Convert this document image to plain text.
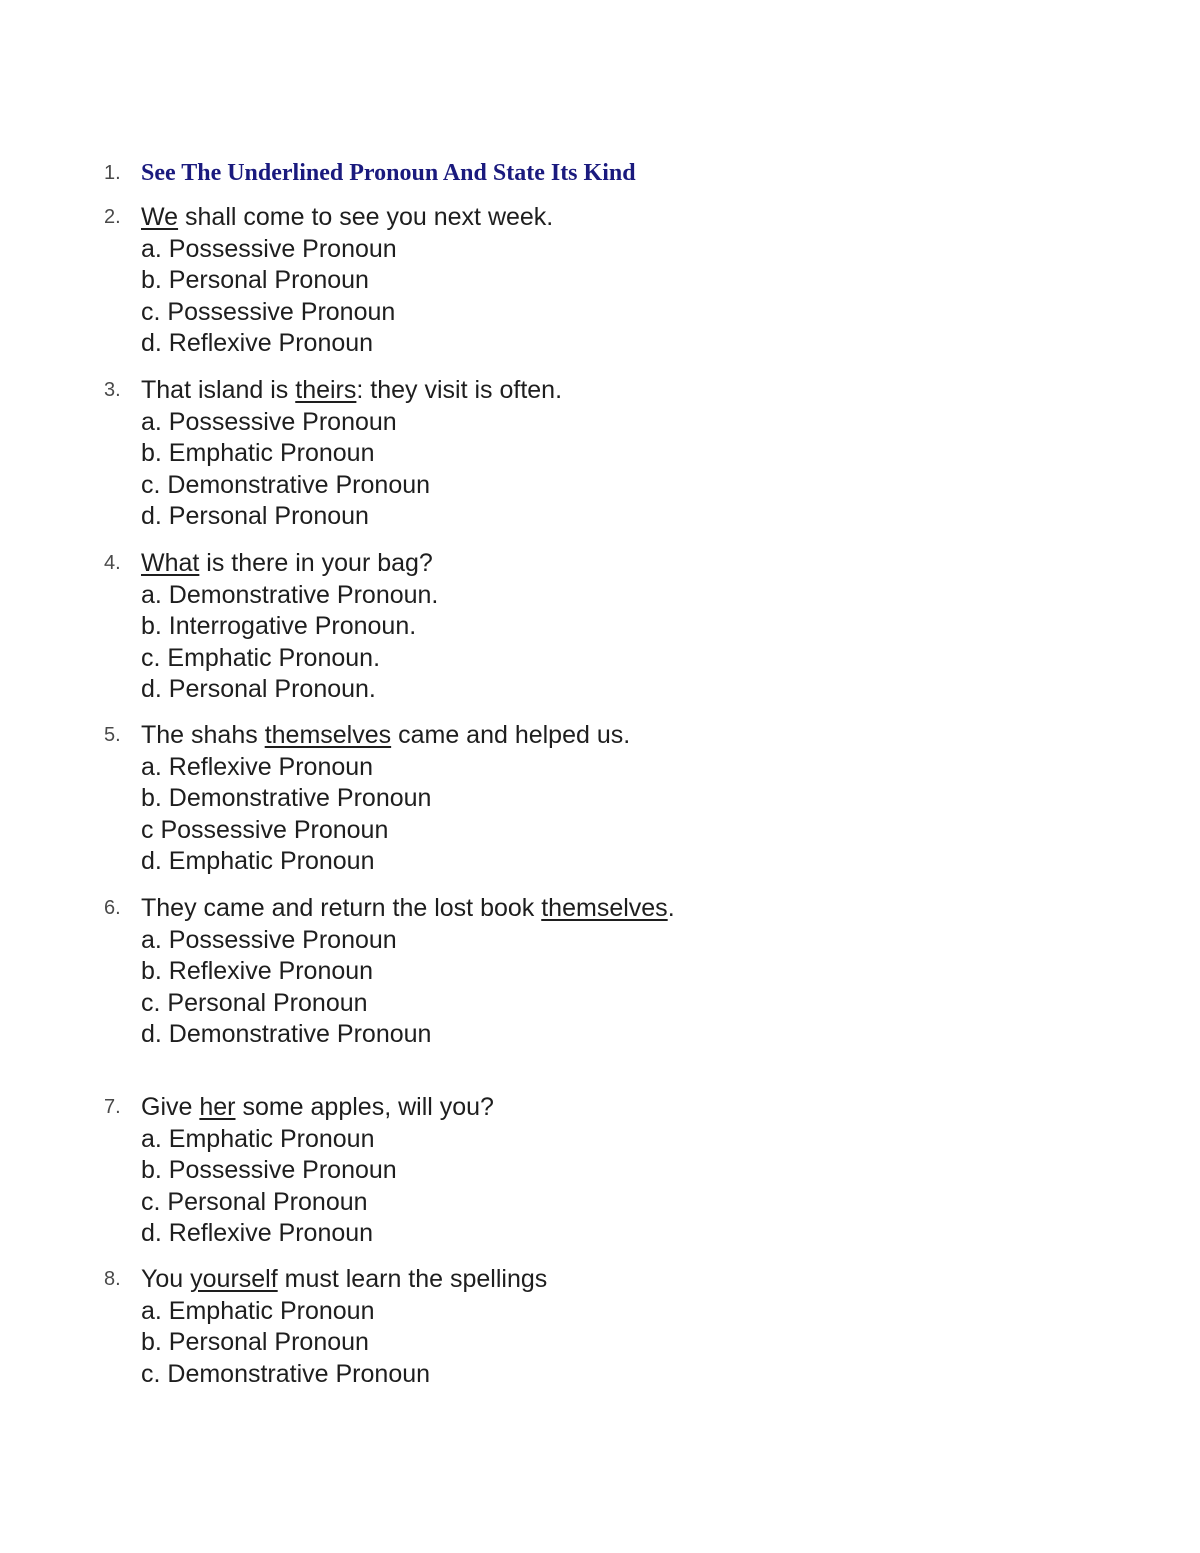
1. See The Underlined Pronoun And State Its Kind
2. We shall come to see you next week.
a. Possessive Pronoun
b. Personal Pronoun
c. Possessive Pronoun
d. Reflexive Pronoun
3. That island is theirs: they visit is often.
a. Possessive Pronoun
b. Emphatic Pronoun
c. Demonstrative Pronoun
d. Personal Pronoun
4. What is there in your bag?
a. Demonstrative Pronoun.
b. Interrogative Pronoun.
c. Emphatic Pronoun.
d. Personal Pronoun.
5. The shahs themselves came and helped us.
a. Reflexive Pronoun
b. Demonstrative Pronoun
c Possessive Pronoun
d. Emphatic Pronoun
6. They came and return the lost book themselves.
a. Possessive Pronoun
b. Reflexive Pronoun
c. Personal Pronoun
d. Demonstrative Pronoun
7. Give her some apples, will you?
a. Emphatic Pronoun
b. Possessive Pronoun
c. Personal Pronoun
d. Reflexive Pronoun
8. You yourself must learn the spellings
a. Emphatic Pronoun
b. Personal Pronoun
c. Demonstrative Pronoun
